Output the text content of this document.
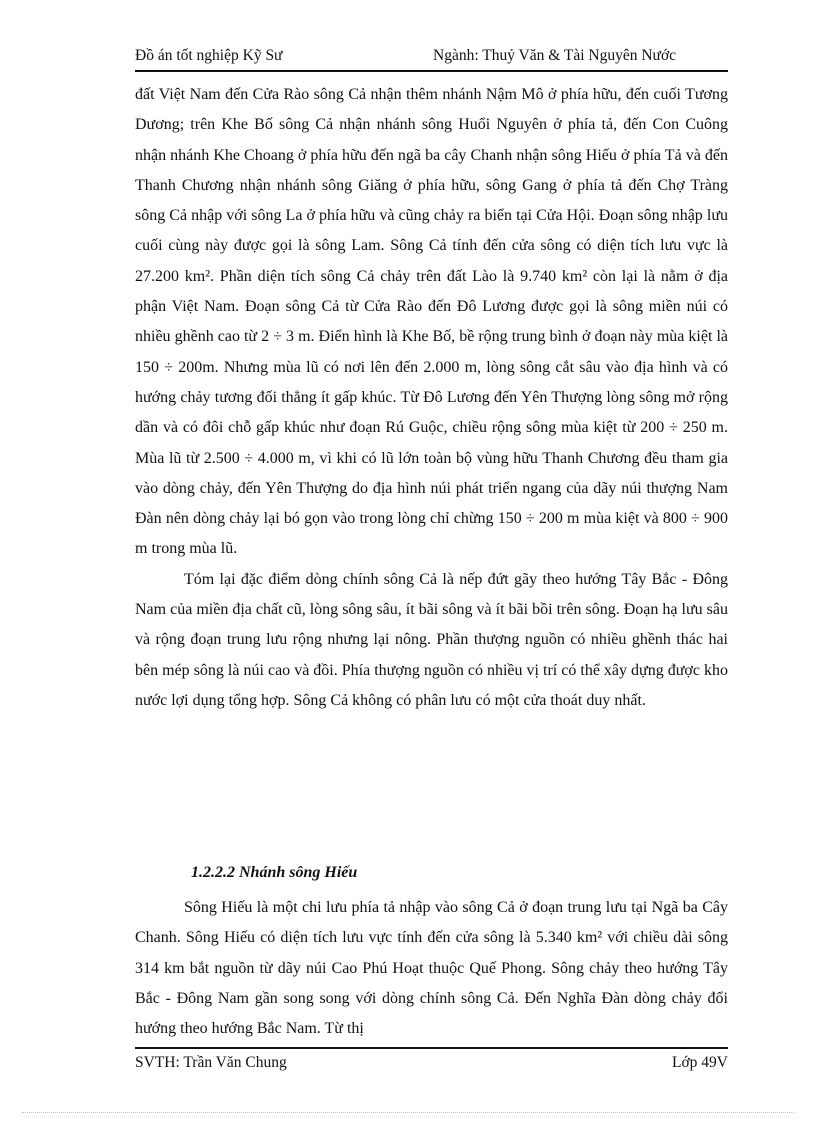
Đồ án tốt nghiệp Kỹ Sư	Ngành: Thuỷ Văn & Tài Nguyên Nước

đất Việt Nam đến Cửa Rào sông Cả nhận thêm nhánh Nậm Mô ở phía hữu, đến cuối Tương Dương; trên Khe Bố sông Cả nhận nhánh sông Huổi Nguyên ở phía tả, đến Con Cuông nhận nhánh Khe Choang ở phía hữu đến ngã ba cây Chanh nhận sông Hiếu ở phía Tả và đến Thanh Chương nhận nhánh sông Giăng ở phía hữu, sông Gang ở phía tả đến Chợ Tràng sông Cả nhập với sông La ở phía hữu và cũng chảy ra biển tại Cửa Hội. Đoạn sông nhập lưu cuối cùng này được gọi là sông Lam. Sông Cả tính đến cửa sông có diện tích lưu vực là 27.200 km². Phần diện tích sông Cả chảy trên đất Lào là 9.740 km² còn lại là nằm ở địa phận Việt Nam. Đoạn sông Cả từ Cửa Rào đến Đô Lương được gọi là sông miền núi có nhiều ghềnh cao từ 2 ÷ 3 m. Điển hình là Khe Bố, bề rộng trung bình ở đoạn này mùa kiệt là 150 ÷ 200m. Nhưng mùa lũ có nơi lên đến 2.000 m, lòng sông cắt sâu vào địa hình và có hướng chảy tương đối thẳng ít gấp khúc. Từ Đô Lương đến Yên Thượng lòng sông mở rộng dần và có đôi chỗ gấp khúc như đoạn Rú Guộc, chiều rộng sông mùa kiệt từ 200 ÷ 250 m. Mùa lũ từ 2.500 ÷ 4.000 m, vì khi có lũ lớn toàn bộ vùng hữu Thanh Chương đều tham gia vào dòng chảy, đến Yên Thượng do địa hình núi phát triển ngang của dãy núi thượng Nam Đàn nên dòng chảy lại bó gọn vào trong lòng chỉ chừng 150 ÷ 200 m mùa kiệt và 800 ÷ 900 m trong mùa lũ.

Tóm lại đặc điểm dòng chính sông Cả là nếp đứt gãy theo hướng Tây Bắc - Đông Nam của miền địa chất cũ, lòng sông sâu, ít bãi sông và ít bãi bồi trên sông. Đoạn hạ lưu sâu và rộng đoạn trung lưu rộng nhưng lại nông. Phần thượng nguồn có nhiều ghềnh thác hai bên mép sông là núi cao và đồi. Phía thượng nguồn có nhiều vị trí có thể xây dựng được kho nước lợi dụng tổng hợp. Sông Cả không có phân lưu có một cửa thoát duy nhất.

1.2.2.2 Nhánh sông Hiếu

Sông Hiếu là một chi lưu phía tả nhập vào sông Cả ở đoạn trung lưu tại Ngã ba Cây Chanh. Sông Hiếu có diện tích lưu vực tính đến cửa sông là 5.340 km² với chiều dài sông 314 km bắt nguồn từ dãy núi Cao Phú Hoạt thuộc Quế Phong. Sông chảy theo hướng Tây Bắc - Đông Nam gần song song với dòng chính sông Cả. Đến Nghĩa Đàn dòng chảy đổi hướng theo hướng Bắc Nam. Từ thị

SVTH: Trần Văn Chung	Lớp 49V
